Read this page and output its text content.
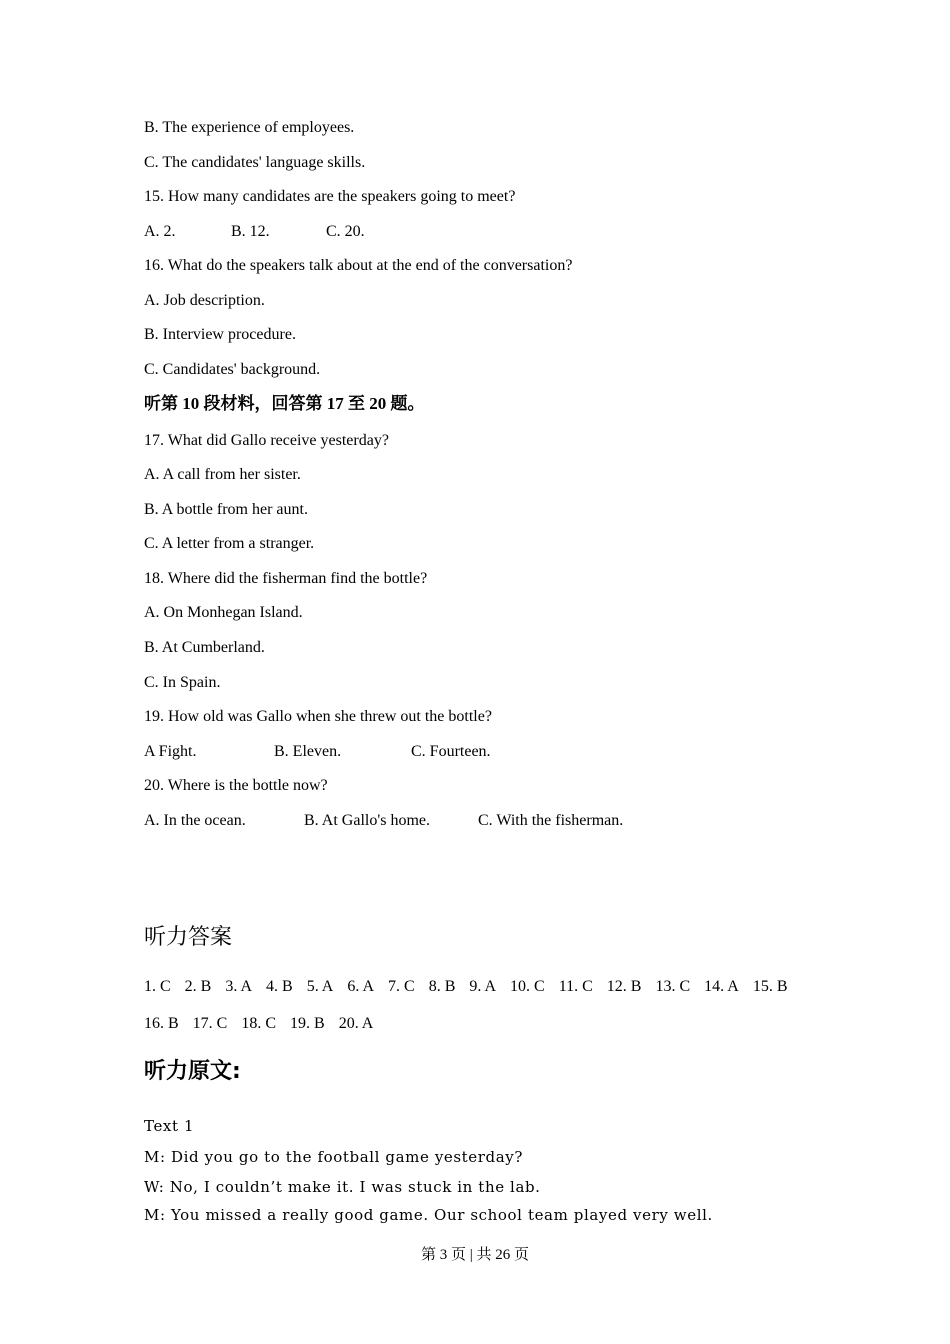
B. The experience of employees.
C. The candidates' language skills.
15. How many candidates are the speakers going to meet?
A. 2.	B. 12.	C. 20.
16. What do the speakers talk about at the end of the conversation?
A. Job description.
B. Interview procedure.
C. Candidates' background.
听第 10 段材料，回答第 17 至 20 题。
17. What did Gallo receive yesterday?
A. A call from her sister.
B. A bottle from her aunt.
C. A letter from a stranger.
18. Where did the fisherman find the bottle?
A. On Monhegan Island.
B. At Cumberland.
C. In Spain.
19. How old was Gallo when she threw out the bottle?
A Fight.	B. Eleven.	C. Fourteen.
20. Where is the bottle now?
A. In the ocean.	B. At Gallo's home.	C. With the fisherman.
听力答案
1. C 2. B 3. A 4. B 5. A 6. A 7. C 8. B 9. A 10. C 11. C 12. B 13. C 14. A 15. B
16. B 17. C 18. C 19. B 20. A
听力原文:
Text 1
M: Did you go to the football game yesterday?
W: No, I couldn’t make it. I was stuck in the lab.
M: You missed a really good game. Our school team played very well.
第 3 页 | 共 26 页
